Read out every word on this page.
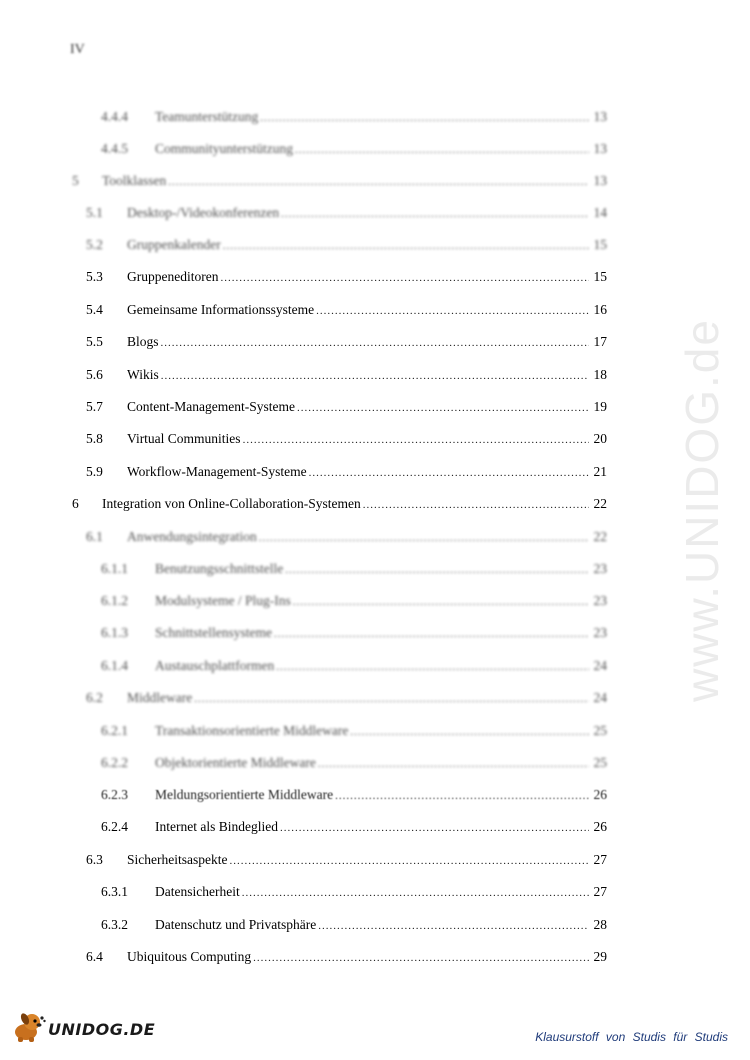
IV
www.UNIDOG.de
4.4.4	Teamunterstützung .....	13
4.4.5	Communityunterstützung .....	13
5	Toolklassen .....	13
5.1	Desktop-/Videokonferenzen .....	14
5.2	Gruppenkalender .....	15
5.3	Gruppeneditoren .....	15
5.4	Gemeinsame Informationssysteme .....	16
5.5	Blogs .....	17
5.6	Wikis .....	18
5.7	Content-Management-Systeme .....	19
5.8	Virtual Communities .....	20
5.9	Workflow-Management-Systeme .....	21
6	Integration von Online-Collaboration-Systemen .....	22
6.1	Anwendungsintegration .....	22
6.1.1	Benutzungsschnittstelle .....	23
6.1.2	Modulsysteme / Plug-Ins .....	23
6.1.3	Schnittstellensysteme .....	23
6.1.4	Austauschplattformen .....	24
6.2	Middleware .....	24
6.2.1	Transaktionsorientierte Middleware .....	25
6.2.2	Objektorientierte Middleware .....	25
6.2.3	Meldungsorientierte Middleware .....	26
6.2.4	Internet als Bindeglied .....	26
6.3	Sicherheitsaspekte .....	27
6.3.1	Datensicherheit .....	27
6.3.2	Datenschutz und Privatsphäre .....	28
6.4	Ubiquitous Computing .....	29
UNIDOG.DE	Klausurstoff von Studis für Studis
